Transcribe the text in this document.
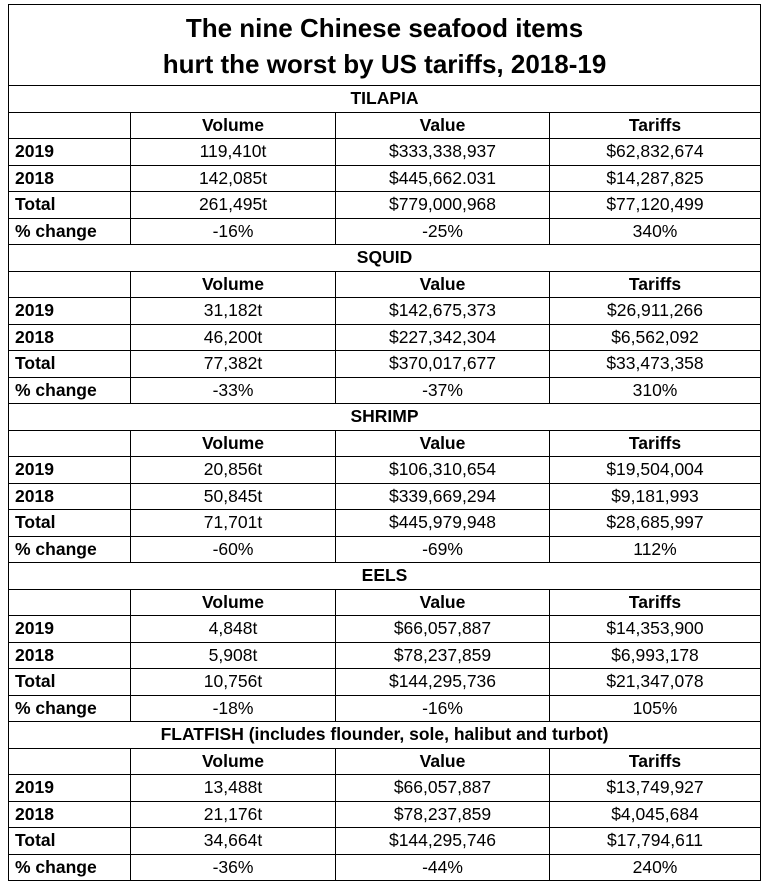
The nine Chinese seafood items
hurt the worst by US tariffs, 2018-19			

TILAPIA			
	Volume	Value	Tariffs
2019	119,410t	$333,338,937	$62,832,674
2018	142,085t	$445,662.031	$14,287,825
Total	261,495t	$779,000,968	$77,120,499
% change	-16%	-25%	340%
SQUID			
	Volume	Value	Tariffs
2019	31,182t	$142,675,373	$26,911,266
2018	46,200t	$227,342,304	$6,562,092
Total	77,382t	$370,017,677	$33,473,358
% change	-33%	-37%	310%
SHRIMP			
	Volume	Value	Tariffs
2019	20,856t	$106,310,654	$19,504,004
2018	50,845t	$339,669,294	$9,181,993
Total	71,701t	$445,979,948	$28,685,997
% change	-60%	-69%	112%
EELS			
	Volume	Value	Tariffs
2019	4,848t	$66,057,887	$14,353,900
2018	5,908t	$78,237,859	$6,993,178
Total	10,756t	$144,295,736	$21,347,078
% change	-18%	-16%	105%
FLATFISH (includes flounder, sole, halibut and turbot)			
	Volume	Value	Tariffs
2019	13,488t	$66,057,887	$13,749,927
2018	21,176t	$78,237,859	$4,045,684
Total	34,664t	$144,295,746	$17,794,611
% change	-36%	-44%	240%
